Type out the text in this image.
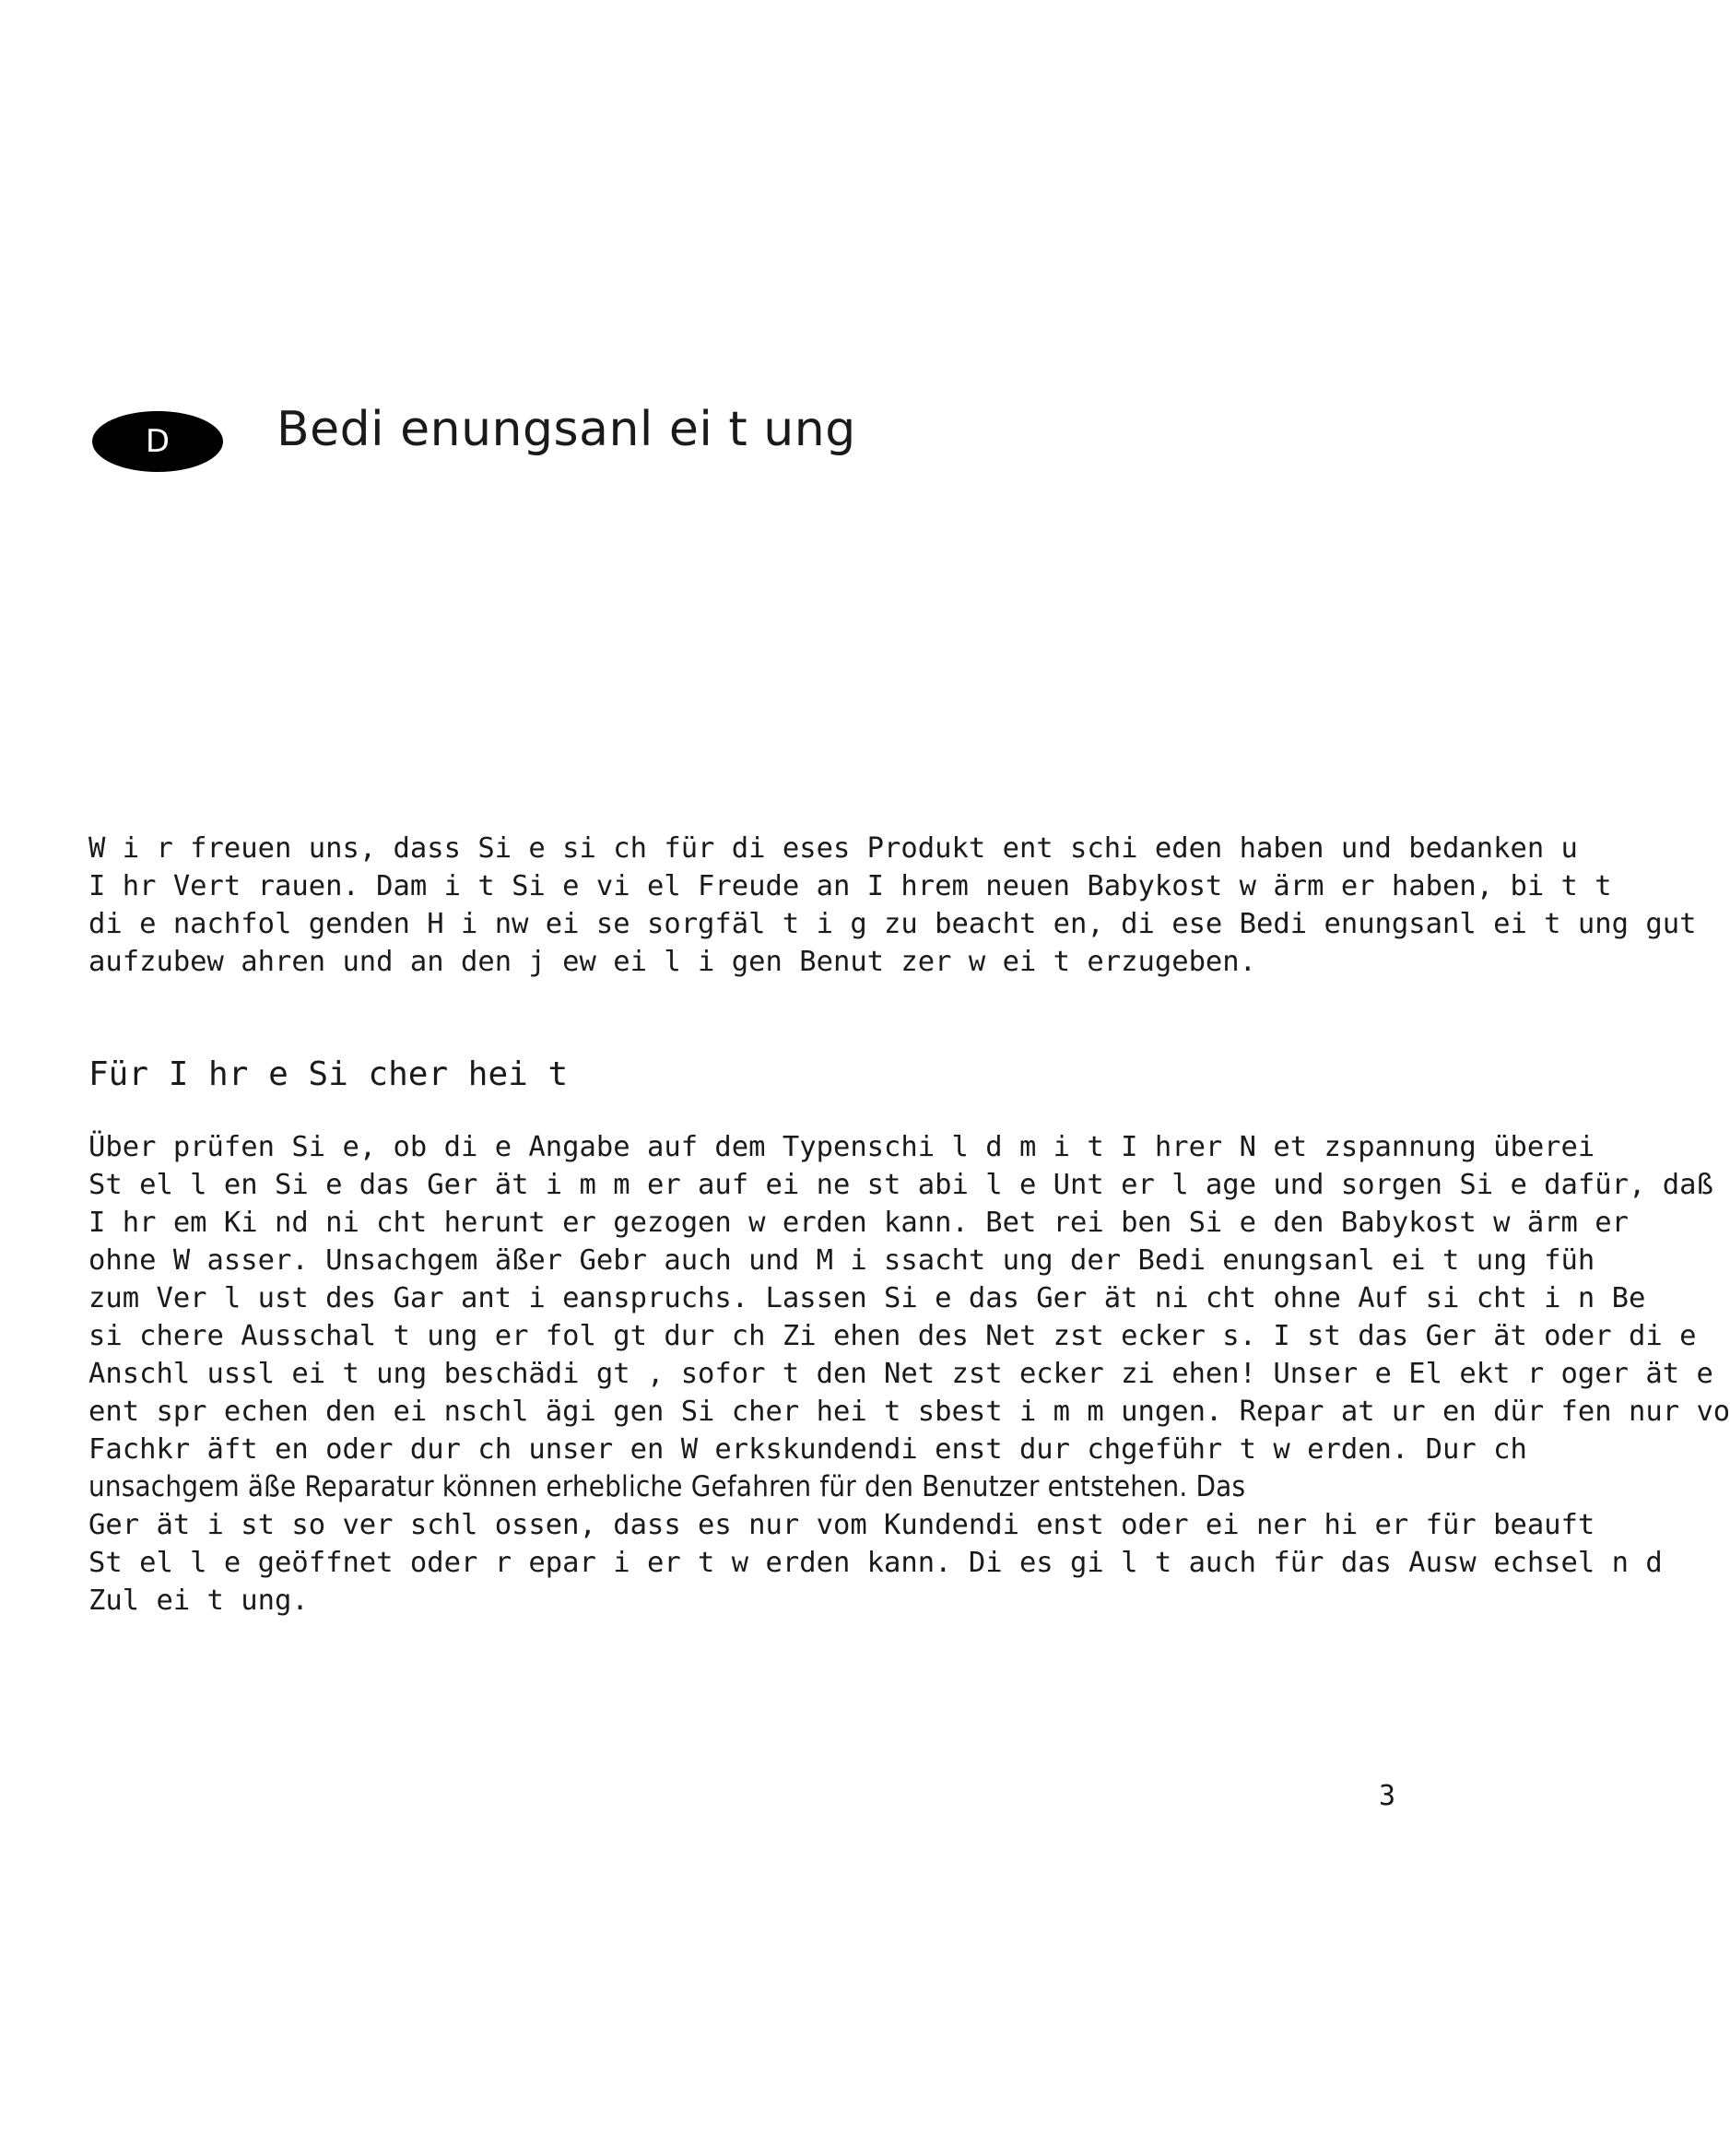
D Bedi enungsanl ei t ung

W i r freuen uns, dass Si e si ch für di eses Produkt ent schi eden haben und bedanken u
I hr Vert rauen. Dam i t Si e vi el Freude an I hrem neuen Babykost w ärm er haben, bi t t
di e nachfol genden H i nw ei se sorgfäl t i g zu beacht en, di ese Bedi enungsanl ei t ung gut
aufzubew ahren und an den j ew ei l i gen Benut zer w ei t erzugeben.

Für I hr e Si cher hei t

Über prüfen Si e, ob di e Angabe auf dem Typenschi l d m i t I hrer N et zspannung überei
St el l en Si e das Ger ät i m m er auf ei ne st abi l e Unt er l age und sorgen Si e dafür, daß
I hr em Ki nd ni cht herunt er gezogen w erden kann. Bet rei ben Si e den Babykost w ärm er
ohne W asser. Unsachgem äßer Gebr auch und M i ssacht ung der Bedi enungsanl ei t ung füh
zum Ver l ust des Gar ant i eanspruchs. Lassen Si e das Ger ät ni cht ohne Auf si cht i n Be
si chere Ausschal t ung er fol gt dur ch Zi ehen des Net zst ecker s. I st das Ger ät oder di e
Anschl ussl ei t ung beschädi gt , sofor t den Net zst ecker zi ehen! Unser e El ekt r oger ät e
ent spr echen den ei nschl ägi gen Si cher hei t sbest i m m ungen. Repar at ur en dür fen nur vo
Fachkr äft en oder dur ch unser en W erkskundendi enst dur chgeführ t w erden. Dur ch
unsachgem äße Reparatur können erhebliche Gefahren für den Benutzer entstehen. Das
Ger ät i st so ver schl ossen, dass es nur vom Kundendi enst oder ei ner hi er für beauft
St el l e geöffnet oder r epar i er t w erden kann. Di es gi l t auch für das Ausw echsel n d
Zul ei t ung.

3
